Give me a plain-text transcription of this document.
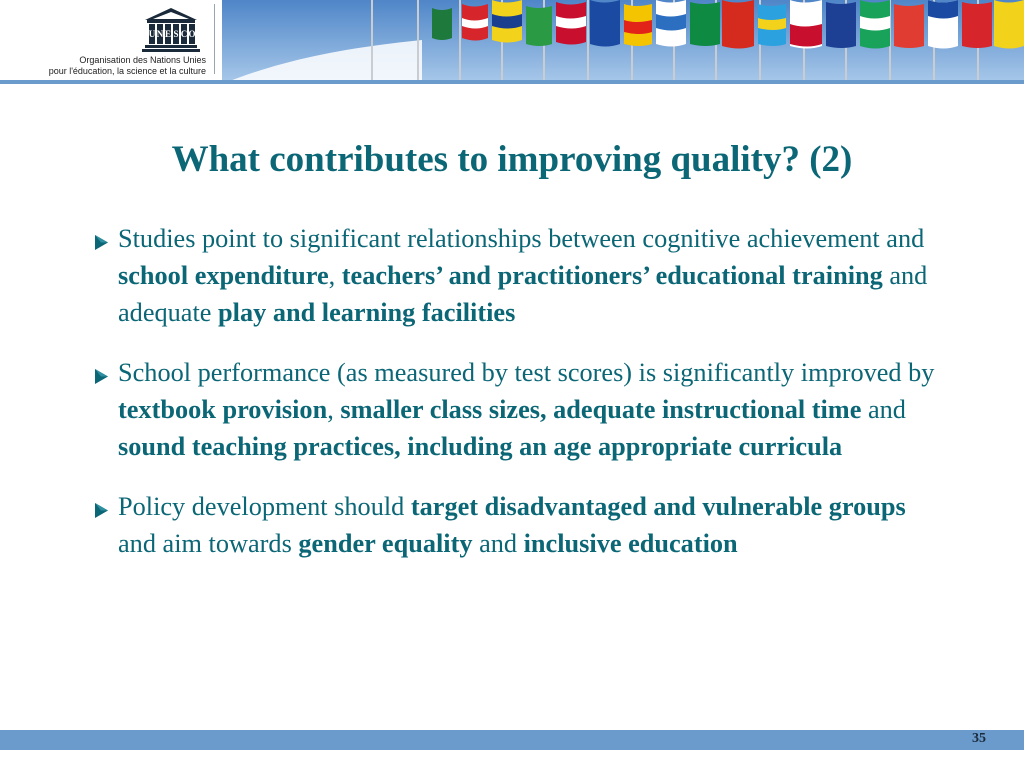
U N E S C O
Organisation des Nations Unies
pour l'éducation, la science et la culture
What contributes to improving quality? (2)
Studies point to significant relationships between cognitive achievement and school expenditure, teachers’ and practitioners’ educational training and adequate play and learning facilities
School performance (as measured by test scores) is significantly improved by textbook provision, smaller class sizes, adequate instructional time and sound teaching practices, including an age appropriate curricula
Policy development should target disadvantaged and vulnerable groups and aim towards gender equality and inclusive education
35
